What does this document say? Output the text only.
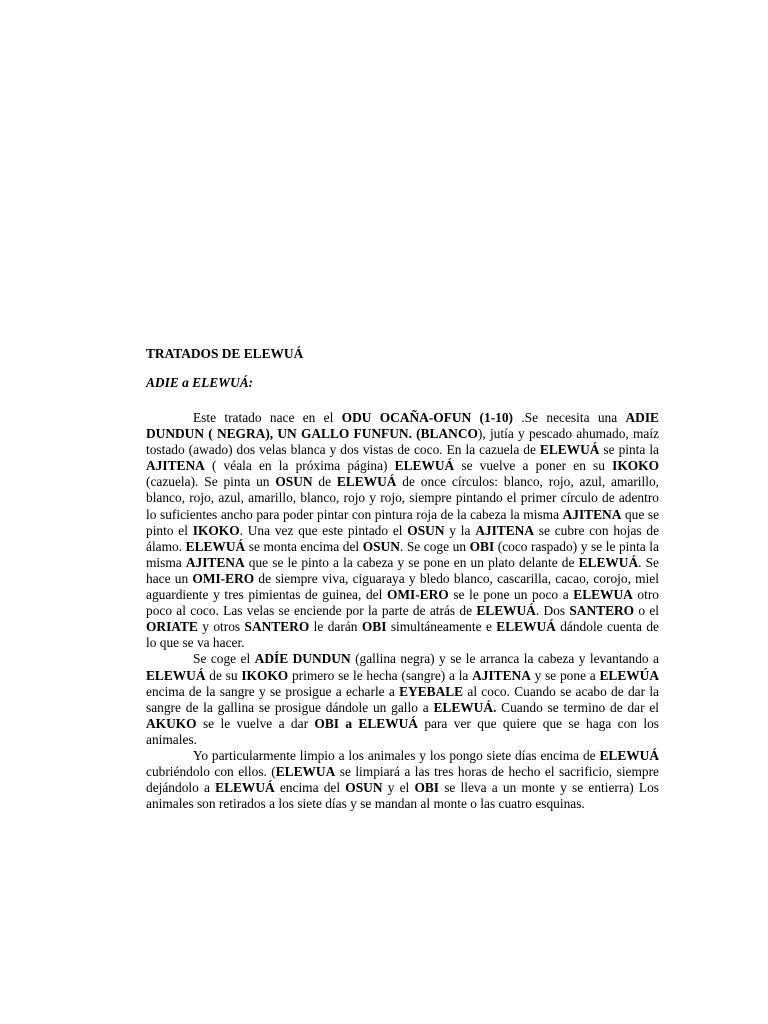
TRATADOS DE ELEWUÁ
ADIE a ELEWUÁ:

Este tratado nace en el ODU OCAÑA-OFUN (1-10) .Se necesita una ADIE DUNDUN ( NEGRA), UN GALLO FUNFUN. (BLANCO), jutía y pescado ahumado, maíz tostado (awado) dos velas blanca y dos vistas de coco. En la cazuela de ELEWUÁ se pinta la AJITENA ( véala en la próxima página) ELEWUÁ se vuelve a poner en su IKOKO (cazuela). Se pinta un OSUN de ELEWUÁ de once círculos: blanco, rojo, azul, amarillo, blanco, rojo, azul, amarillo, blanco, rojo y rojo, siempre pintando el primer círculo de adentro lo suficientes ancho para poder pintar con pintura roja de la cabeza la misma AJITENA que se pinto el IKOKO. Una vez que este pintado el OSUN y la AJITENA se cubre con hojas de álamo. ELEWUÁ se monta encima del OSUN. Se coge un OBI (coco raspado) y se le pinta la misma AJITENA que se le pinto a la cabeza y se pone en un plato delante de ELEWUÁ. Se hace un OMI-ERO de siempre viva, ciguaraya y bledo blanco, cascarilla, cacao, corojo, miel aguardiente y tres pimientas de guinea, del OMI-ERO se le pone un poco a ELEWUA otro poco al coco. Las velas se enciende por la parte de atrás de ELEWUÁ. Dos SANTERO o el ORIATE y otros SANTERO le darán OBI simultáneamente e ELEWUÁ dándole cuenta de lo que se va hacer.

Se coge el ADÍE DUNDUN (gallina negra) y se le arranca la cabeza y levantando a ELEWUÁ de su IKOKO primero se le hecha (sangre) a la AJITENA y se pone a ELEWÚA encima de la sangre y se prosigue a echarle a EYEBALE al coco. Cuando se acabo de dar la sangre de la gallina se prosigue dándole un gallo a ELEWUÁ. Cuando se termino de dar el AKUKO se le vuelve a dar OBI a ELEWUÁ para ver que quiere que se haga con los animales.

Yo particularmente limpio a los animales y los pongo siete días encima de ELEWUÁ cubriéndolo con ellos. (ELEWUA se limpiará a las tres horas de hecho el sacrificio, siempre dejándolo a ELEWUÁ encima del OSUN y el OBI se lleva a un monte y se entierra) Los animales son retirados a los siete días y se mandan al monte o las cuatro esquinas.
